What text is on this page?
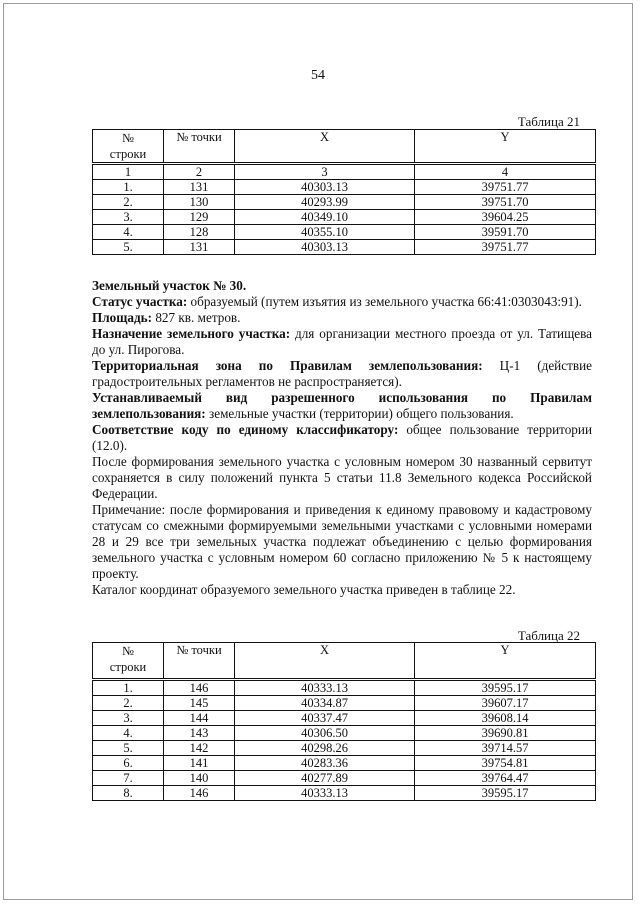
54
Таблица 21
№
строки	№ точки	X	Y
1	2	3	4
1.	131	40303.13	39751.77
2.	130	40293.99	39751.70
3.	129	40349.10	39604.25
4.	128	40355.10	39591.70
5.	131	40303.13	39751.77

Земельный участок № 30.

Статус участка: образуемый (путем изъятия из земельного участка 66:41:0303043:91).

Площадь: 827 кв. метров.

Назначение земельного участка: для организации местного проезда от ул. Татищева до ул. Пирогова.

Территориальная зона по Правилам землепользования: Ц-1 (действие градостроительных регламентов не распространяется).

Устанавливаемый вид разрешенного использования по Правилам землепользования: земельные участки (территории) общего пользования.

Соответствие коду по единому классификатору: общее пользование территории (12.0).

После формирования земельного участка с условным номером 30 названный сервитут сохраняется в силу положений пункта 5 статьи 11.8 Земельного кодекса Российской Федерации.

Примечание: после формирования и приведения к единому правовому и кадастровому статусам со смежными формируемыми земельными участками с условными номерами 28 и 29 все три земельных участка подлежат объединению с целью формирования земельного участка с условным номером 60 согласно приложению № 5 к настоящему проекту.

Каталог координат образуемого земельного участка приведен в таблице 22.

Таблица 22
№
строки	№ точки	X	Y
1.	146	40333.13	39595.17
2.	145	40334.87	39607.17
3.	144	40337.47	39608.14
4.	143	40306.50	39690.81
5.	142	40298.26	39714.57
6.	141	40283.36	39754.81
7.	140	40277.89	39764.47
8.	146	40333.13	39595.17
